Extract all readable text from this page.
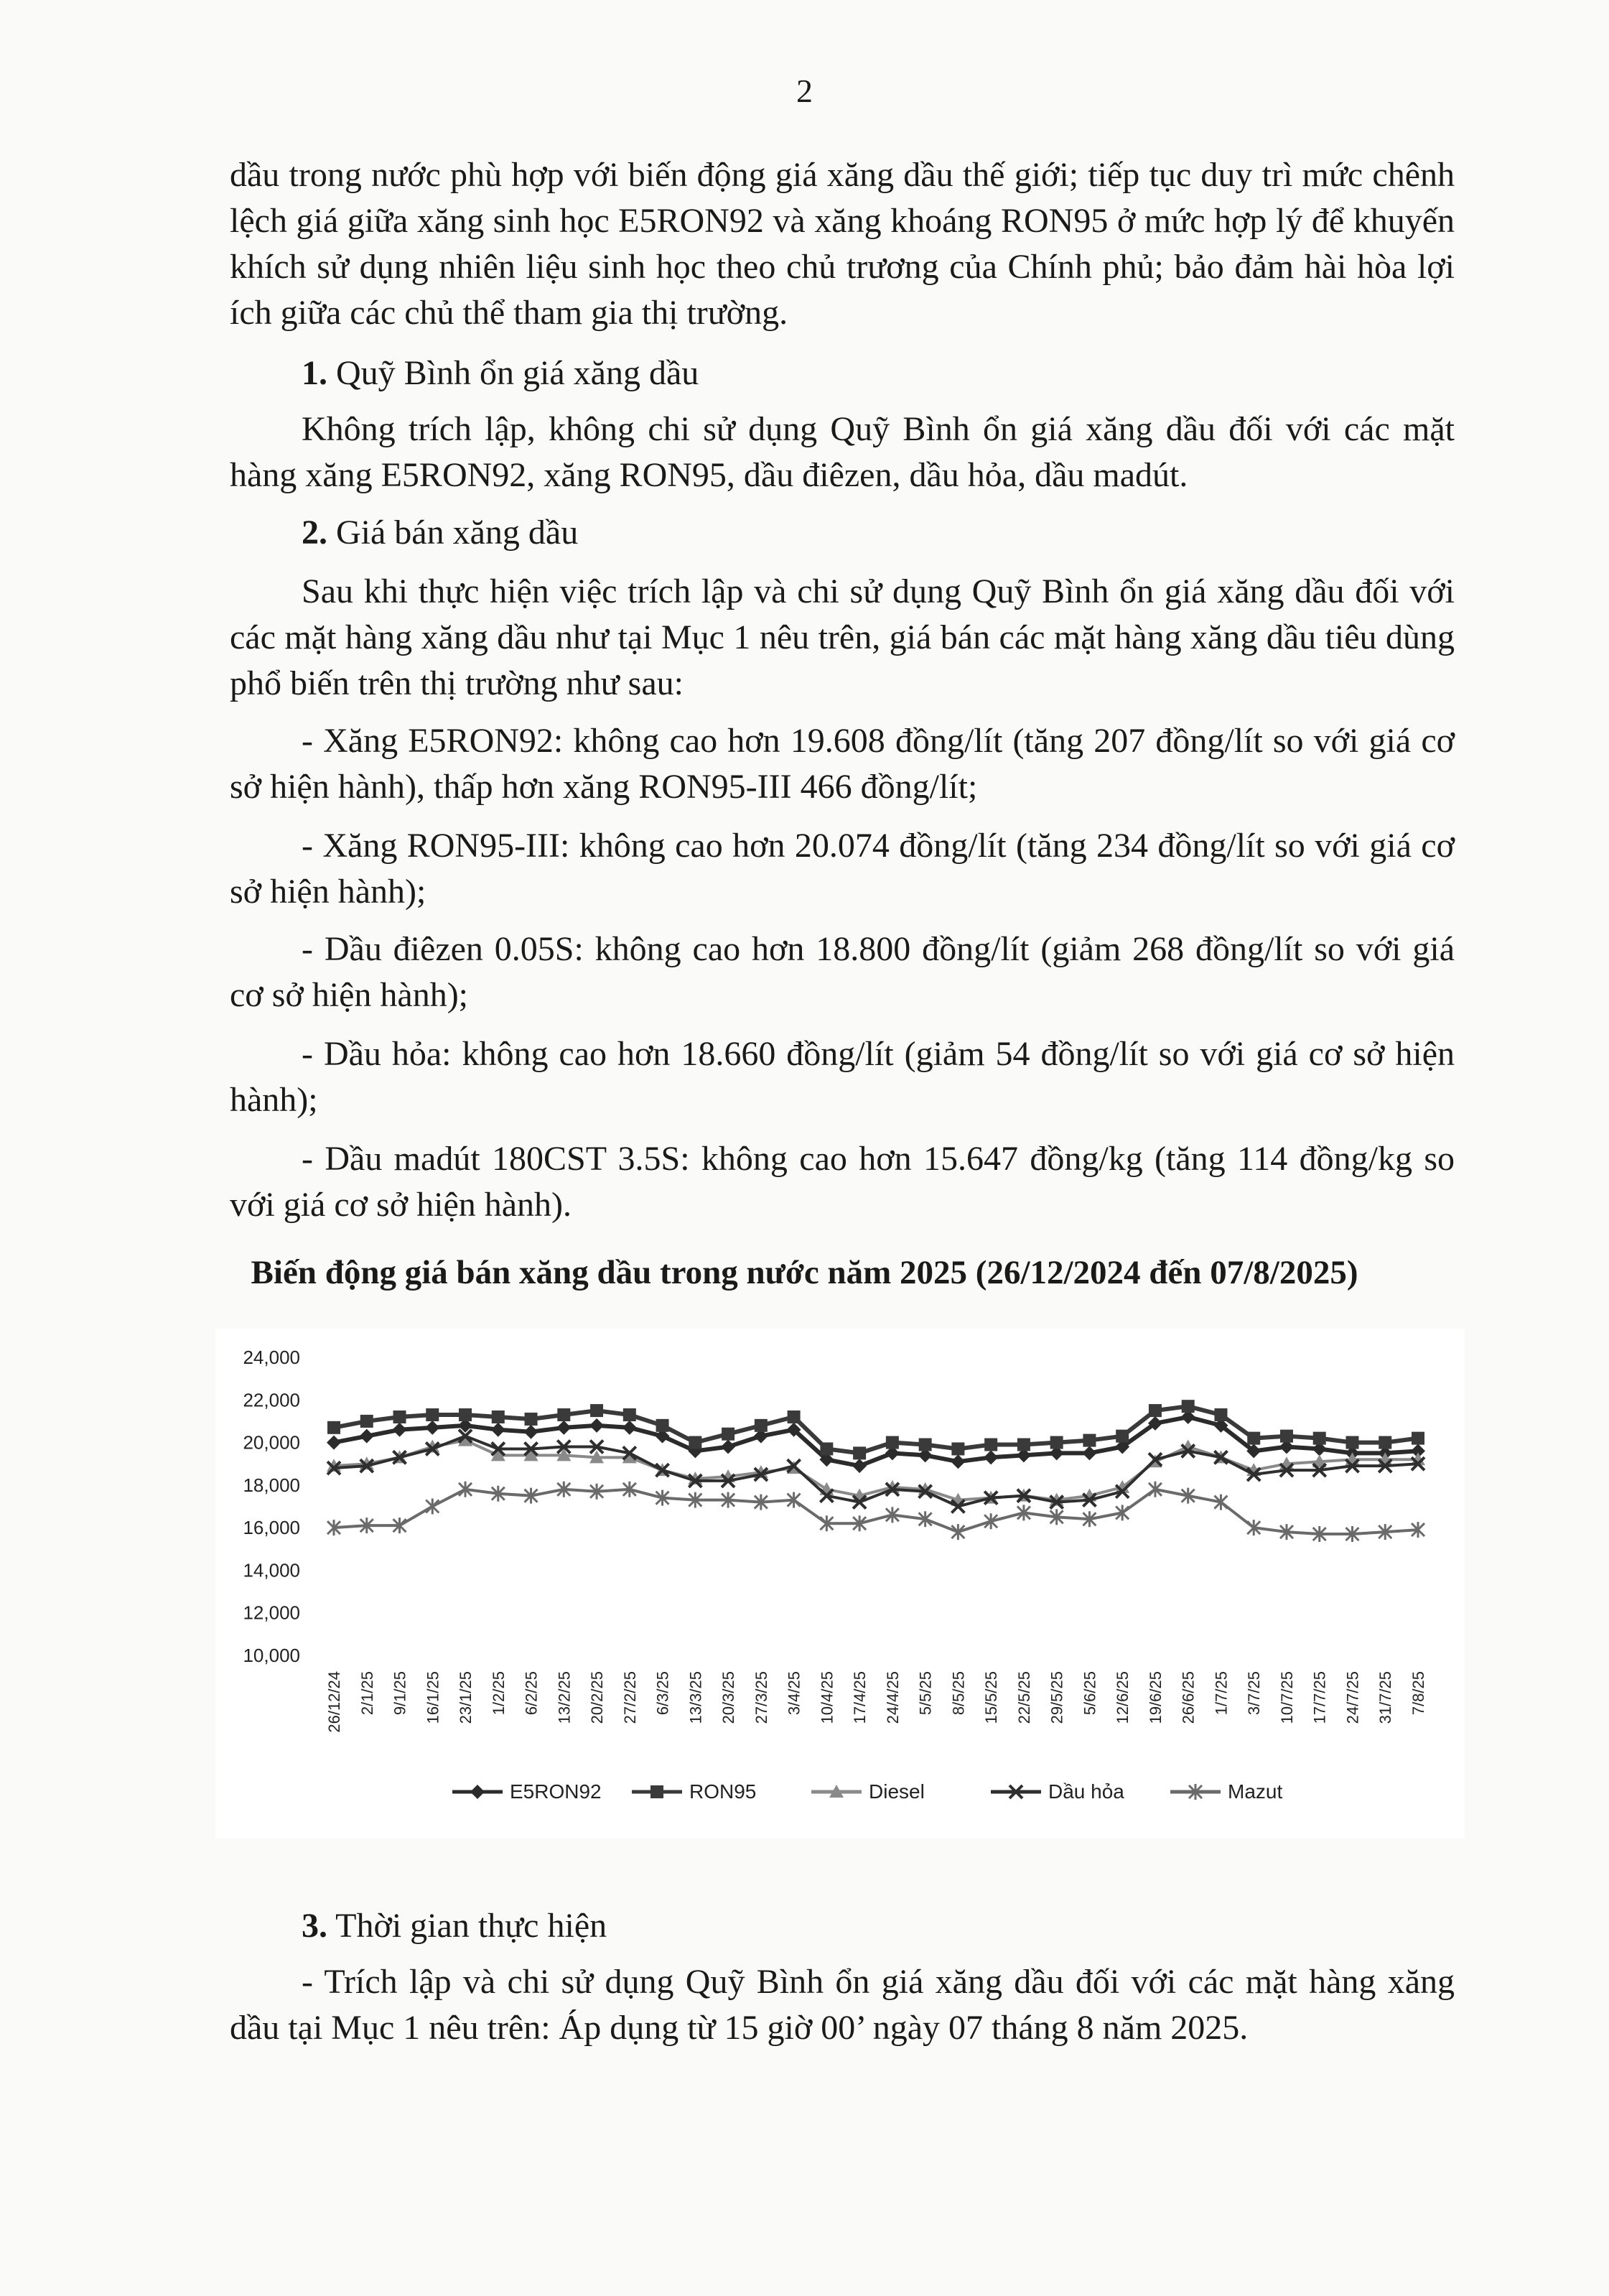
2
dầu trong nước phù hợp với biến động giá xăng dầu thế giới; tiếp tục duy trì mức chênh lệch giá giữa xăng sinh học E5RON92 và xăng khoáng RON95 ở mức hợp lý để khuyến khích sử dụng nhiên liệu sinh học theo chủ trương của Chính phủ; bảo đảm hài hòa lợi ích giữa các chủ thể tham gia thị trường.
1. Quỹ Bình ổn giá xăng dầu
Không trích lập, không chi sử dụng Quỹ Bình ổn giá xăng dầu đối với các mặt hàng xăng E5RON92, xăng RON95, dầu điêzen, dầu hỏa, dầu madút.
2. Giá bán xăng dầu
Sau khi thực hiện việc trích lập và chi sử dụng Quỹ Bình ổn giá xăng dầu đối với các mặt hàng xăng dầu như tại Mục 1 nêu trên, giá bán các mặt hàng xăng dầu tiêu dùng phổ biến trên thị trường như sau:
- Xăng E5RON92: không cao hơn 19.608 đồng/lít (tăng 207 đồng/lít so với giá cơ sở hiện hành), thấp hơn xăng RON95-III 466 đồng/lít;
- Xăng RON95-III: không cao hơn 20.074 đồng/lít (tăng 234 đồng/lít so với giá cơ sở hiện hành);
- Dầu điêzen 0.05S: không cao hơn 18.800 đồng/lít (giảm 268 đồng/lít so với giá cơ sở hiện hành);
- Dầu hỏa: không cao hơn 18.660 đồng/lít (giảm 54 đồng/lít so với giá cơ sở hiện hành);
- Dầu madút 180CST 3.5S: không cao hơn 15.647 đồng/kg (tăng 114 đồng/kg so với giá cơ sở hiện hành).
Biến động giá bán xăng dầu trong nước năm 2025 (26/12/2024 đến 07/8/2025)
10,000
12,000
14,000
16,000
18,000
20,000
22,000
24,000
26/12/24 2/1/25 9/1/25 16/1/25 23/1/25 1/2/25 6/2/25 13/2/25 20/2/25 27/2/25 6/3/25 13/3/25 20/3/25 27/3/25 3/4/25 10/4/25 17/4/25 24/4/25 5/5/25 8/5/25 15/5/25 22/5/25 29/5/25 5/6/25 12/6/25 19/6/25 26/6/25 1/7/25 3/7/25 10/7/25 17/7/25 24/7/25 31/7/25 7/8/25
E5RON92	RON95	Diesel	Dầu hỏa	Mazut
3. Thời gian thực hiện
- Trích lập và chi sử dụng Quỹ Bình ổn giá xăng dầu đối với các mặt hàng xăng dầu tại Mục 1 nêu trên: Áp dụng từ 15 giờ 00’ ngày 07 tháng 8 năm 2025.
